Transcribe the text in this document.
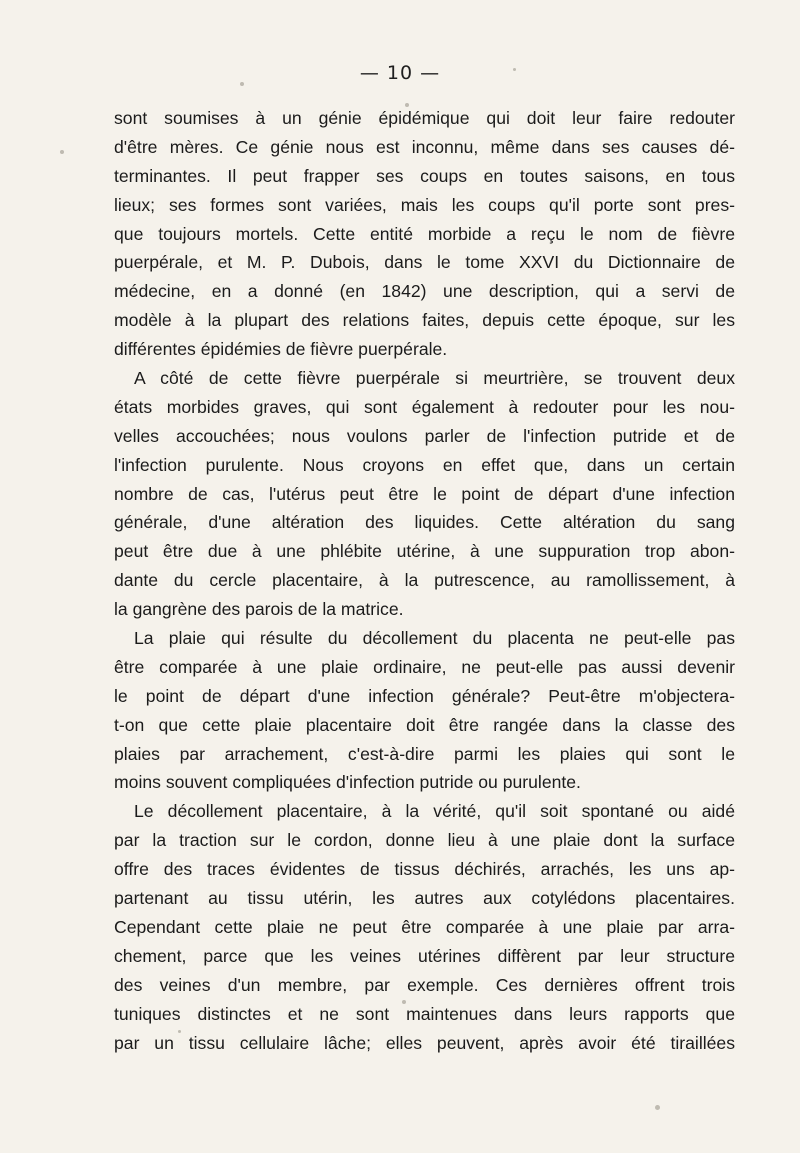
— 10 —
sont soumises à un génie épidémique qui doit leur faire redouter
d'être mères. Ce génie nous est inconnu, même dans ses causes dé-
terminantes. Il peut frapper ses coups en toutes saisons, en tous
lieux; ses formes sont variées, mais les coups qu'il porte sont pres-
que toujours mortels. Cette entité morbide a reçu le nom de fièvre
puerpérale, et M. P. Dubois, dans le tome XXVI du Dictionnaire de
médecine, en a donné (en 1842) une description, qui a servi de
modèle à la plupart des relations faites, depuis cette époque, sur les
différentes épidémies de fièvre puerpérale.
A côté de cette fièvre puerpérale si meurtrière, se trouvent deux
états morbides graves, qui sont également à redouter pour les nou-
velles accouchées; nous voulons parler de l'infection putride et de
l'infection purulente. Nous croyons en effet que, dans un certain
nombre de cas, l'utérus peut être le point de départ d'une infection
générale, d'une altération des liquides. Cette altération du sang
peut être due à une phlébite utérine, à une suppuration trop abon-
dante du cercle placentaire, à la putrescence, au ramollissement, à
la gangrène des parois de la matrice.
La plaie qui résulte du décollement du placenta ne peut-elle pas
être comparée à une plaie ordinaire, ne peut-elle pas aussi devenir
le point de départ d'une infection générale? Peut-être m'objectera-
t-on que cette plaie placentaire doit être rangée dans la classe des
plaies par arrachement, c'est-à-dire parmi les plaies qui sont le
moins souvent compliquées d'infection putride ou purulente.
Le décollement placentaire, à la vérité, qu'il soit spontané ou aidé
par la traction sur le cordon, donne lieu à une plaie dont la surface
offre des traces évidentes de tissus déchirés, arrachés, les uns ap-
partenant au tissu utérin, les autres aux cotylédons placentaires.
Cependant cette plaie ne peut être comparée à une plaie par arra-
chement, parce que les veines utérines diffèrent par leur structure
des veines d'un membre, par exemple. Ces dernières offrent trois
tuniques distinctes et ne sont maintenues dans leurs rapports que
par un tissu cellulaire lâche; elles peuvent, après avoir été tiraillées
